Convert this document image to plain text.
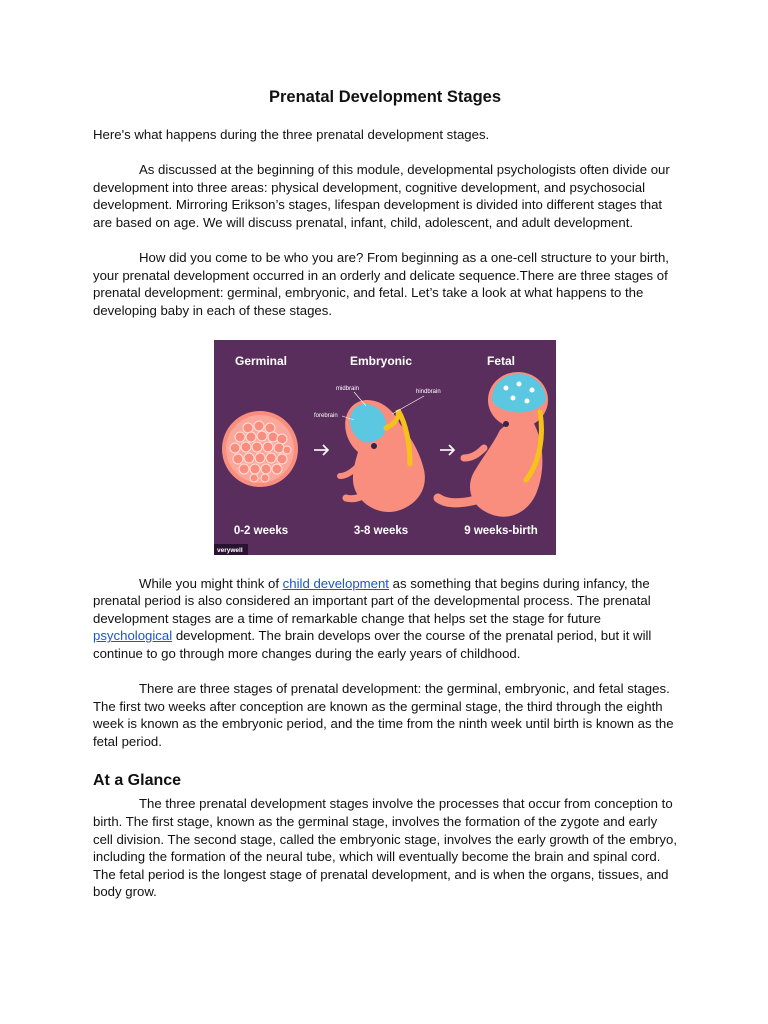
Prenatal Development Stages

Here's what happens during the three prenatal development stages.

As discussed at the beginning of this module, developmental psychologists often divide our development into three areas: physical development, cognitive development, and psychosocial development. Mirroring Erikson’s stages, lifespan development is divided into different stages that are based on age. We will discuss prenatal, infant, child, adolescent, and adult development.

How did you come to be who you are? From beginning as a one-cell structure to your birth, your prenatal development occurred in an orderly and delicate sequence.There are three stages of prenatal development: germinal, embryonic, and fetal. Let’s take a look at what happens to the developing baby in each of these stages.

Germinal
0-2 weeks
Embryonic
midbrain	hindbrain
forebrain
3-8 weeks
Fetal
9 weeks-birth
verywell

While you might think of child development as something that begins during infancy, the prenatal period is also considered an important part of the developmental process. The prenatal development stages are a time of remarkable change that helps set the stage for future psychological development. The brain develops over the course of the prenatal period, but it will continue to go through more changes during the early years of childhood.

There are three stages of prenatal development: the germinal, embryonic, and fetal stages. The first two weeks after conception are known as the germinal stage, the third through the eighth week is known as the embryonic period, and the time from the ninth week until birth is known as the fetal period.

At a Glance

The three prenatal development stages involve the processes that occur from conception to birth. The first stage, known as the germinal stage, involves the formation of the zygote and early cell division. The second stage, called the embryonic stage, involves the early growth of the embryo, including the formation of the neural tube, which will eventually become the brain and spinal cord. The fetal period is the longest stage of prenatal development, and is when the organs, tissues, and body grow.
